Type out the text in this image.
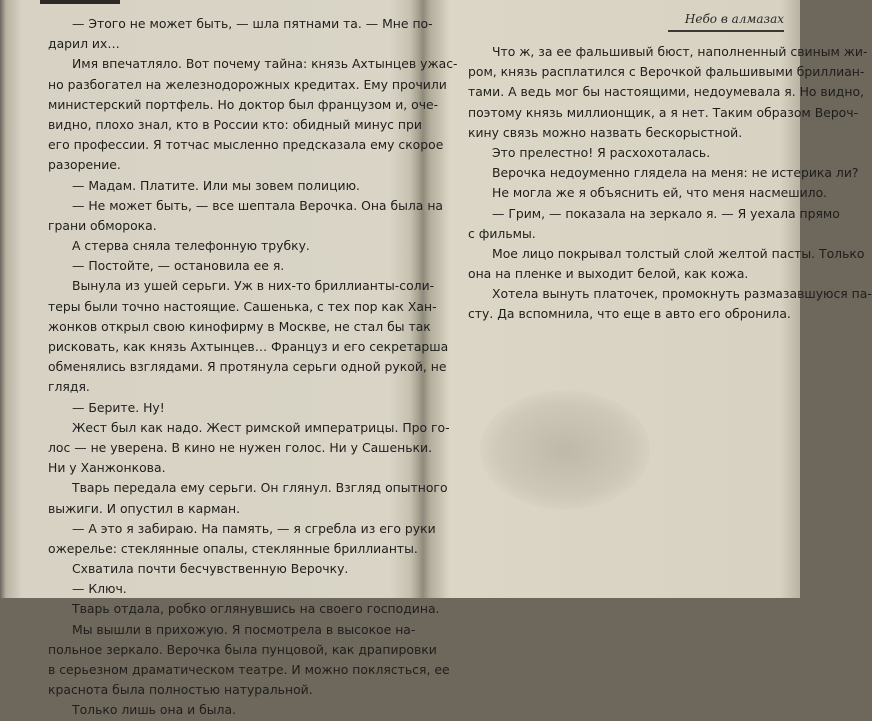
— Этого не может быть, — шла пятнами та. — Мне по-
дарил их…
Имя впечатляло. Вот почему тайна: князь Ахтынцев ужас-
но разбогател на железнодорожных кредитах. Ему прочили
министерский портфель. Но доктор был французом и, оче-
видно, плохо знал, кто в России кто: обидный минус при
его профессии. Я тотчас мысленно предсказала ему скорое
разорение.
— Мадам. Платите. Или мы зовем полицию.
— Не может быть, — все шептала Верочка. Она была на
грани обморока.
А стерва сняла телефонную трубку.
— Постойте, — остановила ее я.
Вынула из ушей серьги. Уж в них-то бриллианты-соли-
теры были точно настоящие. Сашенька, с тех пор как Хан-
жонков открыл свою кинофирму в Москве, не стал бы так
рисковать, как князь Ахтынцев… Француз и его секретарша
обменялись взглядами. Я протянула серьги одной рукой, не
глядя.
— Берите. Ну!
Жест был как надо. Жест римской императрицы. Про го-
лос — не уверена. В кино не нужен голос. Ни у Сашеньки.
Ни у Ханжонкова.
Тварь передала ему серьги. Он глянул. Взгляд опытного
выжиги. И опустил в карман.
— А это я забираю. На память, — я сгребла из его руки
ожерелье: стеклянные опалы, стеклянные бриллианты.
Схватила почти бесчувственную Верочку.
— Ключ.
Тварь отдала, робко оглянувшись на своего господина.
Мы вышли в прихожую. Я посмотрела в высокое на-
польное зеркало. Верочка была пунцовой, как драпировки
в серьезном драматическом театре. И можно поклясться, ее
краснота была полностью натуральной.
Только лишь она и была.
Небо в алмазах
Что ж, за ее фальшивый бюст, наполненный свиным жи-
ром, князь расплатился с Верочкой фальшивыми бриллиан-
тами. А ведь мог бы настоящими, недоумевала я. Но видно,
поэтому князь миллионщик, а я нет. Таким образом Вероч-
кину связь можно назвать бескорыстной.
Это прелестно! Я расхохоталась.
Верочка недоуменно глядела на меня: не истерика ли?
Не могла же я объяснить ей, что меня насмешило.
— Грим, — показала на зеркало я. — Я уехала прямо
с фильмы.
Мое лицо покрывал толстый слой желтой пасты. Только
она на пленке и выходит белой, как кожа.
Хотела вынуть платочек, промокнуть размазавшуюся па-
сту. Да вспомнила, что еще в авто его обронила.
